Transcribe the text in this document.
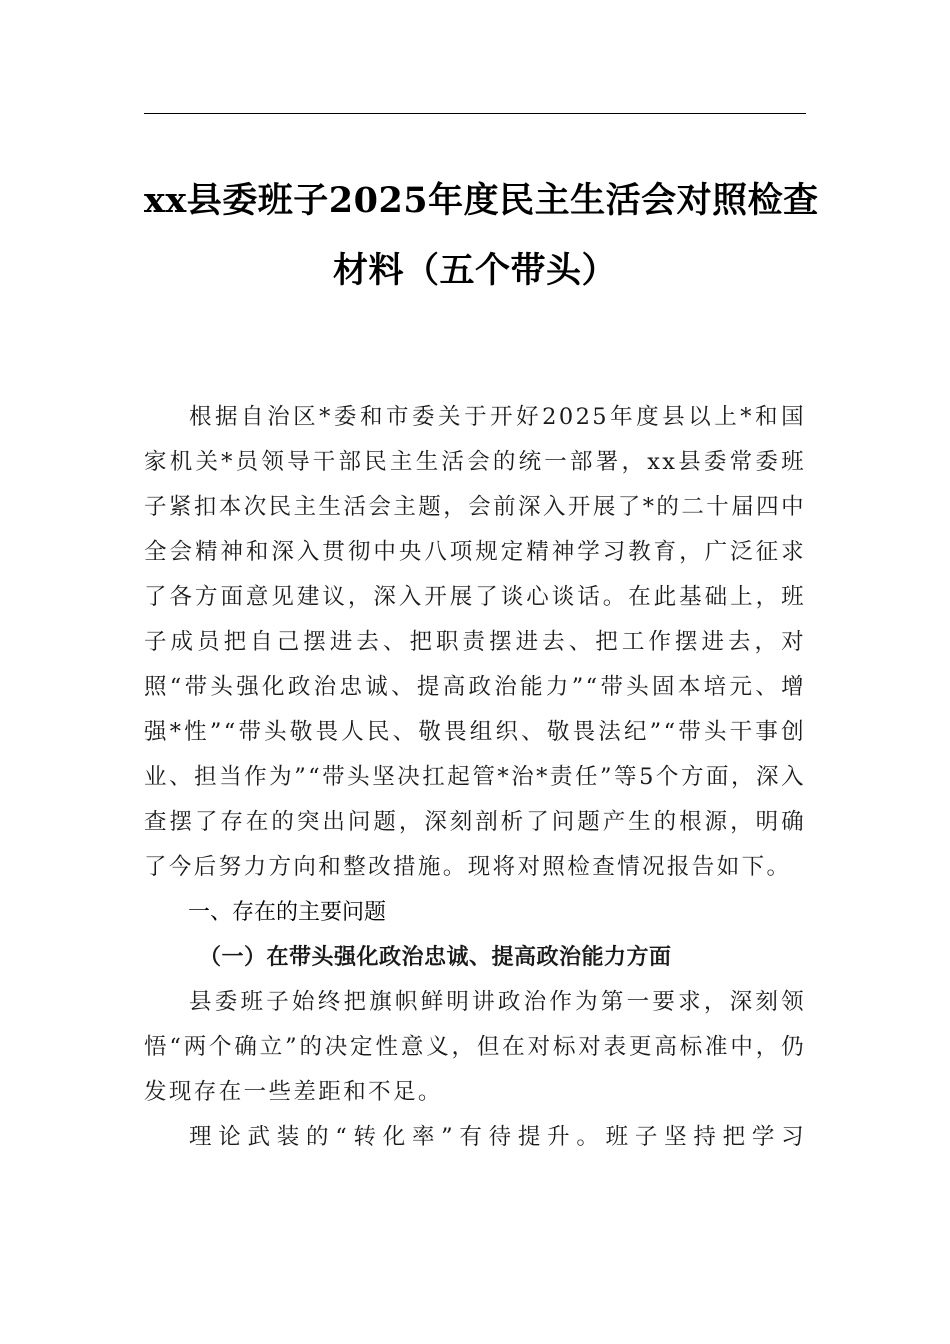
xx县委班子2025年度民主生活会对照检查
材料（五个带头）

根据自治区*委和市委关于开好2025年度县以上*和国家机关*员领导干部民主生活会的统一部署，xx县委常委班子紧扣本次民主生活会主题，会前深入开展了*的二十届四中全会精神和深入贯彻中央八项规定精神学习教育，广泛征求了各方面意见建议，深入开展了谈心谈话。在此基础上，班子成员把自己摆进去、把职责摆进去、把工作摆进去，对照“带头强化政治忠诚、提高政治能力”“带头固本培元、增强*性”“带头敬畏人民、敬畏组织、敬畏法纪”“带头干事创业、担当作为”“带头坚决扛起管*治*责任”等5个方面，深入查摆了存在的突出问题，深刻剖析了问题产生的根源，明确了今后努力方向和整改措施。现将对照检查情况报告如下。

一、存在的主要问题

（一）在带头强化政治忠诚、提高政治能力方面

县委班子始终把旗帜鲜明讲政治作为第一要求，深刻领悟“两个确立”的决定性意义，但在对标对表更高标准中，仍发现存在一些差距和不足。

理论武装的“转化率”有待提升。班子坚持把学习
